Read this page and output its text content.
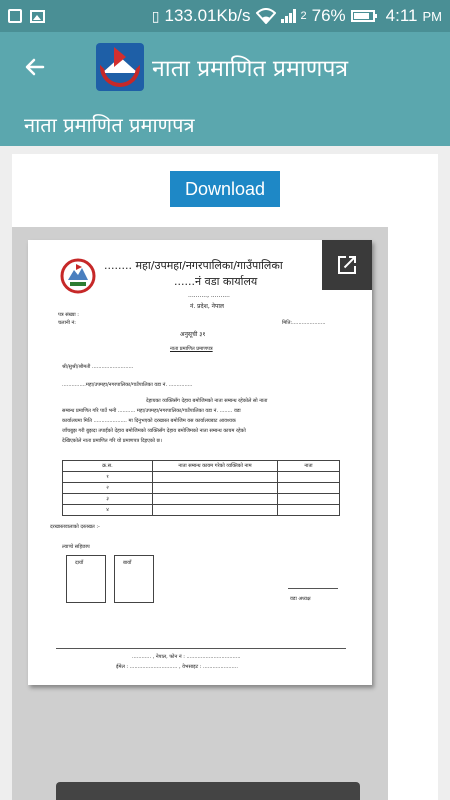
▯ 133.01Kb/s	2 76% 4:11 PM
नाता प्रमाणित प्रमाणपत्र
नाता प्रमाणित प्रमाणपत्र
Download
........ महा/उपमहा/नगरपालिका/गाउँपालिका
......नं वडा कार्यालय
.........., ..........
नं. प्रदेश, नेपाल
पत्र संख्या :
चलानी नं:	मिति:.....................
अनुसूची ३१
नाता प्रमाणित प्रमाणपत्र
श्री/सुश्री/श्रीमती ..........................
...............महा/उपमहा/नगरपालिका/गाउँपालिका वडा नं. ...............
देहायका व्यक्तिसँग देहाय बमोजिमको नाता सम्बन्ध रहेकोले सो नाता
सम्बन्ध प्रमाणित गरि पाउँ भनी ........... महा/उपमहा/नगरपालिका/गाउँपालिका वडा नं. ........ वडा
कार्यालयमा मिति ..................... मा दिनुभएको दरखास्त बमोजिम यस कार्यालयबाट आवश्यक
जाँचबुझ गरी बुझदा तपाईंको देहाय बमोजिमको व्यक्तिसँग देहाय बमोजिमको नाता सम्बन्ध कायम रहेको
देखिएकोले नाता प्रमाणित गरि यो प्रमाणपत्र दिइएको छ।
क्र.स.	नाता सम्बन्ध कायम गरेको व्यक्तिको नाम	नाता
१		
२		
३		
४		
दरखास्तवालाको दस्तखत :-
ल्याप्चे सहिछाप
दायाँ	बायाँ
वडा अध्यक्ष
............ , नेपाल, फोन नं : ..................................
ईमेल : .............................. , वेभसाइट : ......................
